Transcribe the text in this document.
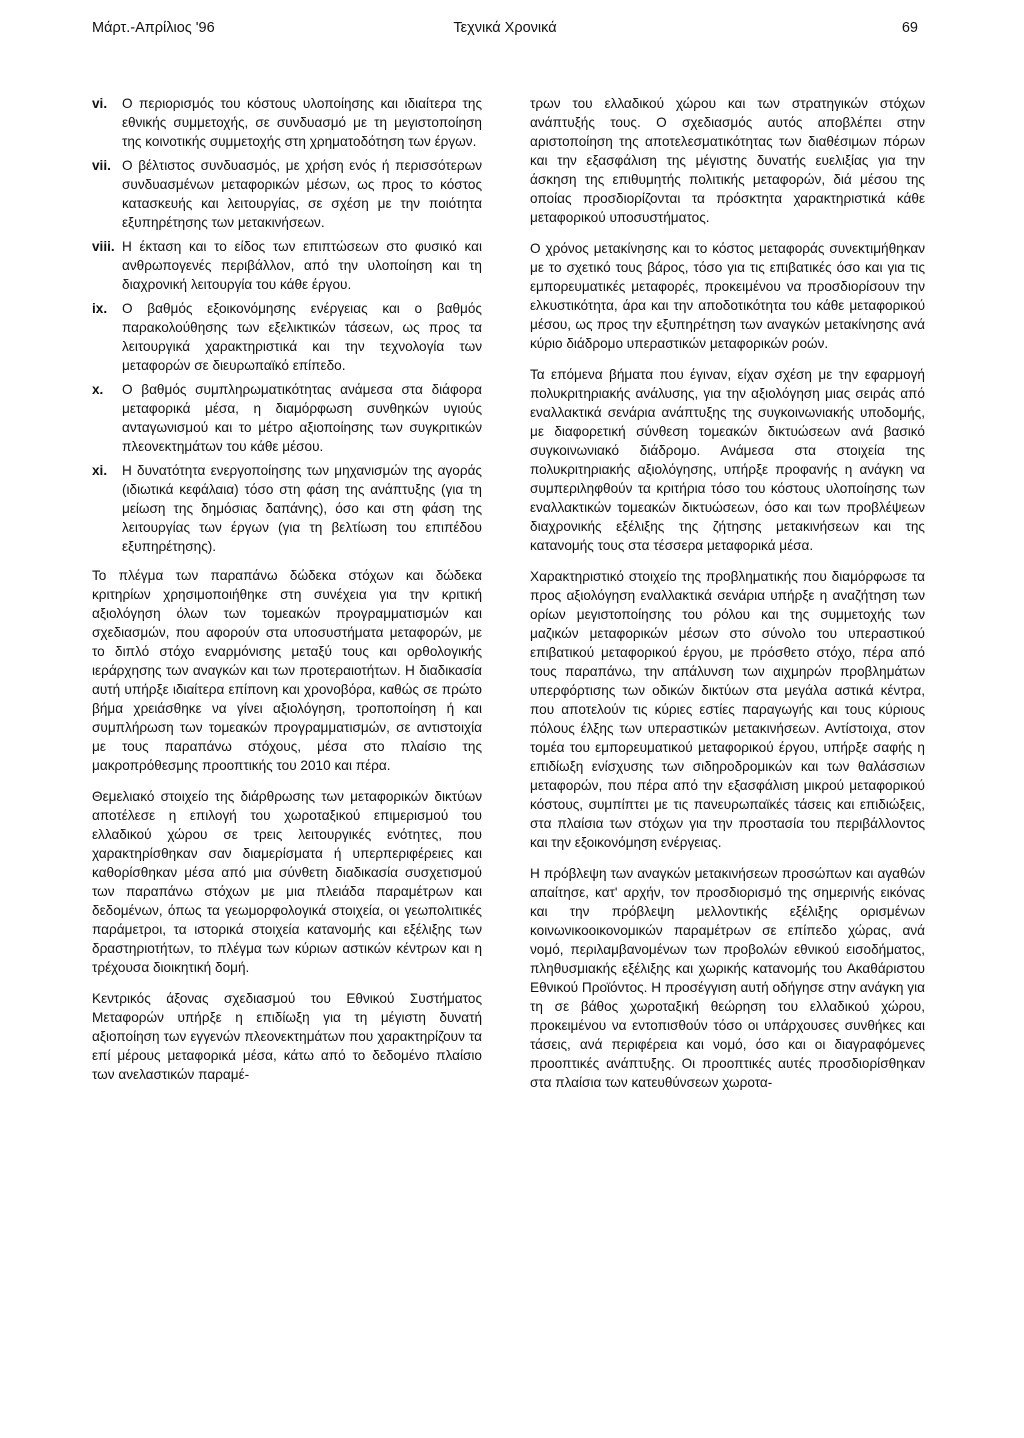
Μάρτ.-Απρίλιος '96	Τεχνικά Χρονικά	69
vi.	Ο περιορισμός του κόστους υλοποίησης και ιδιαίτερα της εθνικής συμμετοχής, σε συνδυασμό με τη μεγιστοποίηση της κοινοτικής συμμετοχής στη χρηματοδότηση των έργων.
vii. Ο βέλτιστος συνδυασμός, με χρήση ενός ή περισσότερων συνδυασμένων μεταφορικών μέσων, ως προς το κόστος κατασκευής και λειτουργίας, σε σχέση με την ποιότητα εξυπηρέτησης των μετακινήσεων.
viii. Η έκταση και το είδος των επιπτώσεων στο φυσικό και ανθρωπογενές περιβάλλον, από την υλοποίηση και τη διαχρονική λειτουργία του κάθε έργου.
ix.	Ο βαθμός εξοικονόμησης ενέργειας και ο βαθμός παρακολούθησης των εξελικτικών τάσεων, ως προς τα λειτουργικά χαρακτηριστικά και την τεχνολογία των μεταφορών σε διευρωπαϊκό επίπεδο.
x.	Ο βαθμός συμπληρωματικότητας ανάμεσα στα διάφορα μεταφορικά μέσα, η διαμόρφωση συνθηκών υγιούς ανταγωνισμού και το μέτρο αξιοποίησης των συγκριτικών πλεονεκτημάτων του κάθε μέσου.
xi.	Η δυνατότητα ενεργοποίησης των μηχανισμών της αγοράς (ιδιωτικά κεφάλαια) τόσο στη φάση της ανάπτυξης (για τη μείωση της δημόσιας δαπάνης), όσο και στη φάση της λειτουργίας των έργων (για τη βελτίωση του επιπέδου εξυπηρέτησης).

Το πλέγμα των παραπάνω δώδεκα στόχων και δώδεκα κριτηρίων χρησιμοποιήθηκε στη συνέχεια για την κριτική αξιολόγηση όλων των τομεακών προγραμματισμών και σχεδιασμών, που αφορούν στα υποσυστήματα μεταφορών, με το διπλό στόχο εναρμόνισης μεταξύ τους και ορθολογικής ιεράρχησης των αναγκών και των προτεραιοτήτων. Η διαδικασία αυτή υπήρξε ιδιαίτερα επίπονη και χρονοβόρα, καθώς σε πρώτο βήμα χρειάσθηκε να γίνει αξιολόγηση, τροποποίηση ή και συμπλήρωση των τομεακών προγραμματισμών, σε αντιστοιχία με τους παραπάνω στόχους, μέσα στο πλαίσιο της μακροπρόθεσμης προοπτικής του 2010 και πέρα.

Θεμελιακό στοιχείο της διάρθρωσης των μεταφορικών δικτύων αποτέλεσε η επιλογή του χωροταξικού επιμερισμού του ελλαδικού χώρου σε τρεις λειτουργικές ενότητες, που χαρακτηρίσθηκαν σαν διαμερίσματα ή υπερπεριφέρειες και καθορίσθηκαν μέσα από μια σύνθετη διαδικασία συσχετισμού των παραπάνω στόχων με μια πλειάδα παραμέτρων και δεδομένων, όπως τα γεωμορφολογικά στοιχεία, οι γεωπολιτικές παράμετροι, τα ιστορικά στοιχεία κατανομής και εξέλιξης των δραστηριοτήτων, το πλέγμα των κύριων αστικών κέντρων και η τρέχουσα διοικητική δομή.

Κεντρικός άξονας σχεδιασμού του Εθνικού Συστήματος Μεταφορών υπήρξε η επιδίωξη για τη μέγιστη δυνατή αξιοποίηση των εγγενών πλεονεκτημάτων που χαρακτηρίζουν τα επί μέρους μεταφορικά μέσα, κάτω από το δεδομένο πλαίσιο των ανελαστικών παραμέ-

τρων του ελλαδικού χώρου και των στρατηγικών στόχων ανάπτυξής τους. Ο σχεδιασμός αυτός αποβλέπει στην αριστοποίηση της αποτελεσματικότητας των διαθέσιμων πόρων και την εξασφάλιση της μέγιστης δυνατής ευελιξίας για την άσκηση της επιθυμητής πολιτικής μεταφορών, διά μέσου της οποίας προσδιορίζονται τα πρόσκτητα χαρακτηριστικά κάθε μεταφορικού υποσυστήματος.

Ο χρόνος μετακίνησης και το κόστος μεταφοράς συνεκτιμήθηκαν με το σχετικό τους βάρος, τόσο για τις επιβατικές όσο και για τις εμπορευματικές μεταφορές, προκειμένου να προσδιορίσουν την ελκυστικότητα, άρα και την αποδοτικότητα του κάθε μεταφορικού μέσου, ως προς την εξυπηρέτηση των αναγκών μετακίνησης ανά κύριο διάδρομο υπεραστικών μεταφορικών ροών.

Τα επόμενα βήματα που έγιναν, είχαν σχέση με την εφαρμογή πολυκριτηριακής ανάλυσης, για την αξιολόγηση μιας σειράς από εναλλακτικά σενάρια ανάπτυξης της συγκοινωνιακής υποδομής, με διαφορετική σύνθεση τομεακών δικτυώσεων ανά βασικό συγκοινωνιακό διάδρομο. Ανάμεσα στα στοιχεία της πολυκριτηριακής αξιολόγησης, υπήρξε προφανής η ανάγκη να συμπεριληφθούν τα κριτήρια τόσο του κόστους υλοποίησης των εναλλακτικών τομεακών δικτυώσεων, όσο και των προβλέψεων διαχρονικής εξέλιξης της ζήτησης μετακινήσεων και της κατανομής τους στα τέσσερα μεταφορικά μέσα.

Χαρακτηριστικό στοιχείο της προβληματικής που διαμόρφωσε τα προς αξιολόγηση εναλλακτικά σενάρια υπήρξε η αναζήτηση των ορίων μεγιστοποίησης του ρόλου και της συμμετοχής των μαζικών μεταφορικών μέσων στο σύνολο του υπεραστικού επιβατικού μεταφορικού έργου, με πρόσθετο στόχο, πέρα από τους παραπάνω, την απάλυνση των αιχμηρών προβλημάτων υπερφόρτισης των οδικών δικτύων στα μεγάλα αστικά κέντρα, που αποτελούν τις κύριες εστίες παραγωγής και τους κύριους πόλους έλξης των υπεραστικών μετακινήσεων. Αντίστοιχα, στον τομέα του εμπορευματικού μεταφορικού έργου, υπήρξε σαφής η επιδίωξη ενίσχυσης των σιδηροδρομικών και των θαλάσσιων μεταφορών, που πέρα από την εξασφάλιση μικρού μεταφορικού κόστους, συμπίπτει με τις πανευρωπαϊκές τάσεις και επιδιώξεις, στα πλαίσια των στόχων για την προστασία του περιβάλλοντος και την εξοικονόμηση ενέργειας.

Η πρόβλεψη των αναγκών μετακινήσεων προσώπων και αγαθών απαίτησε, κατ' αρχήν, τον προσδιορισμό της σημερινής εικόνας και την πρόβλεψη μελλοντικής εξέλιξης ορισμένων κοινωνικοοικονομικών παραμέτρων σε επίπεδο χώρας, ανά νομό, περιλαμβανομένων των προβολών εθνικού εισοδήματος, πληθυσμιακής εξέλιξης και χωρικής κατανομής του Ακαθάριστου Εθνικού Προϊόντος. Η προσέγγιση αυτή οδήγησε στην ανάγκη για τη σε βάθος χωροταξική θεώρηση του ελλαδικού χώρου, προκειμένου να εντοπισθούν τόσο οι υπάρχουσες συνθήκες και τάσεις, ανά περιφέρεια και νομό, όσο και οι διαγραφόμενες προοπτικές ανάπτυξης. Οι προοπτικές αυτές προσδιορίσθηκαν στα πλαίσια των κατευθύνσεων χωροτα-
